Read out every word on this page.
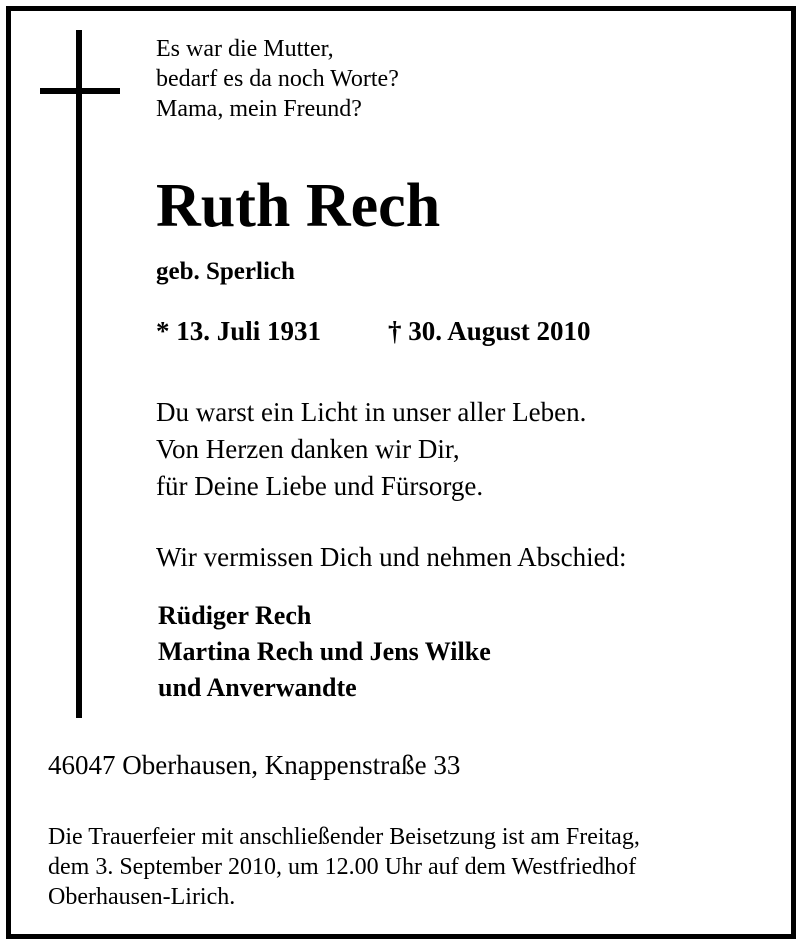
Es war die Mutter,
bedarf es da noch Worte?
Mama, mein Freund?
Ruth Rech
geb. Sperlich
* 13. Juli 1931 † 30. August 2010
Du warst ein Licht in unser aller Leben.
Von Herzen danken wir Dir,
für Deine Liebe und Fürsorge.
Wir vermissen Dich und nehmen Abschied:
Rüdiger Rech
Martina Rech und Jens Wilke
und Anverwandte
46047 Oberhausen, Knappenstraße 33
Die Trauerfeier mit anschließender Beisetzung ist am Freitag,
dem 3. September 2010, um 12.00 Uhr auf dem Westfriedhof
Oberhausen-Lirich.
